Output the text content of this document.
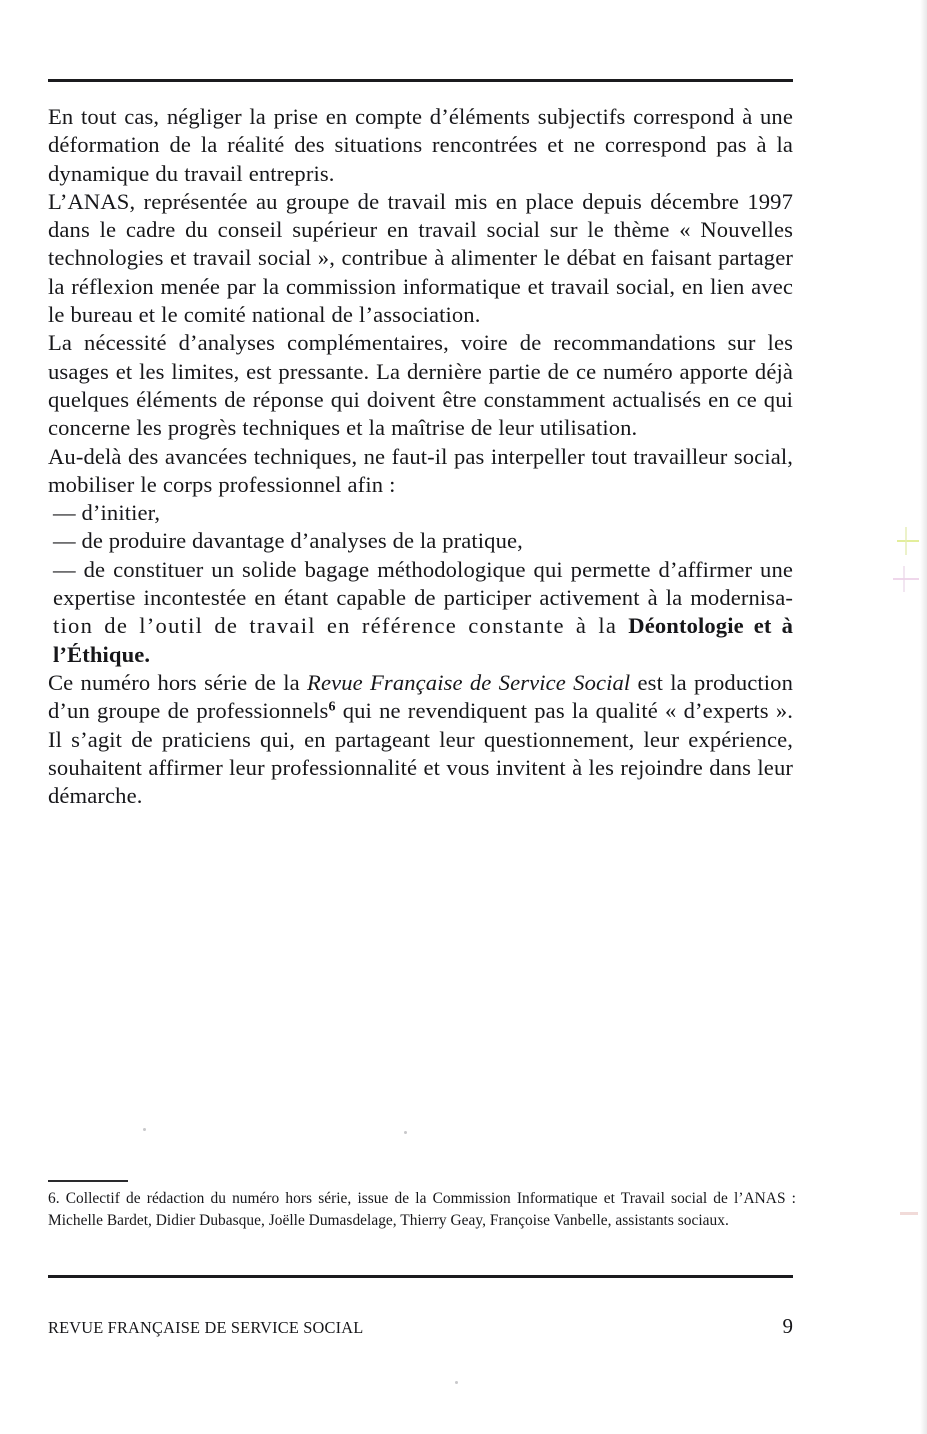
En tout cas, négliger la prise en compte d’éléments subjectifs correspond à une déformation de la réalité des situations rencontrées et ne correspond pas à la dynamique du travail entrepris.

L’ANAS, représentée au groupe de travail mis en place depuis décembre 1997 dans le cadre du conseil supérieur en travail social sur le thème « Nouvelles technologies et travail social », contribue à alimenter le débat en faisant partager la réflexion menée par la commission informatique et travail social, en lien avec le bureau et le comité national de l’association.

La nécessité d’analyses complémentaires, voire de recommandations sur les usages et les limites, est pressante. La dernière partie de ce numéro apporte déjà quelques éléments de réponse qui doivent être constamment actualisés en ce qui concerne les progrès techniques et la maîtrise de leur utilisation.

Au-delà des avancées techniques, ne faut-il pas interpeller tout travailleur social, mobiliser le corps professionnel afin :

— d’initier,

— de produire davantage d’analyses de la pratique,

— de constituer un solide bagage méthodologique qui permette d’affirmer une expertise incontestée en étant capable de participer activement à la modernisa-tion de l’outil de travail en référence constante à la Déontologie et à l’Éthique.

Ce numéro hors série de la Revue Française de Service Social est la production d’un groupe de professionnels$^6$ qui ne revendiquent pas la qualité « d’experts ». Il s’agit de praticiens qui, en partageant leur questionnement, leur expérience, souhaitent affirmer leur professionnalité et vous invitent à les rejoindre dans leur démarche.

6. Collectif de rédaction du numéro hors série, issue de la Commission Informatique et Travail social de l’ANAS : Michelle Bardet, Didier Dubasque, Joëlle Dumasdelage, Thierry Geay, Françoise Vanbelle, assistants sociaux.

REVUE FRANÇAISE DE SERVICE SOCIAL	9
